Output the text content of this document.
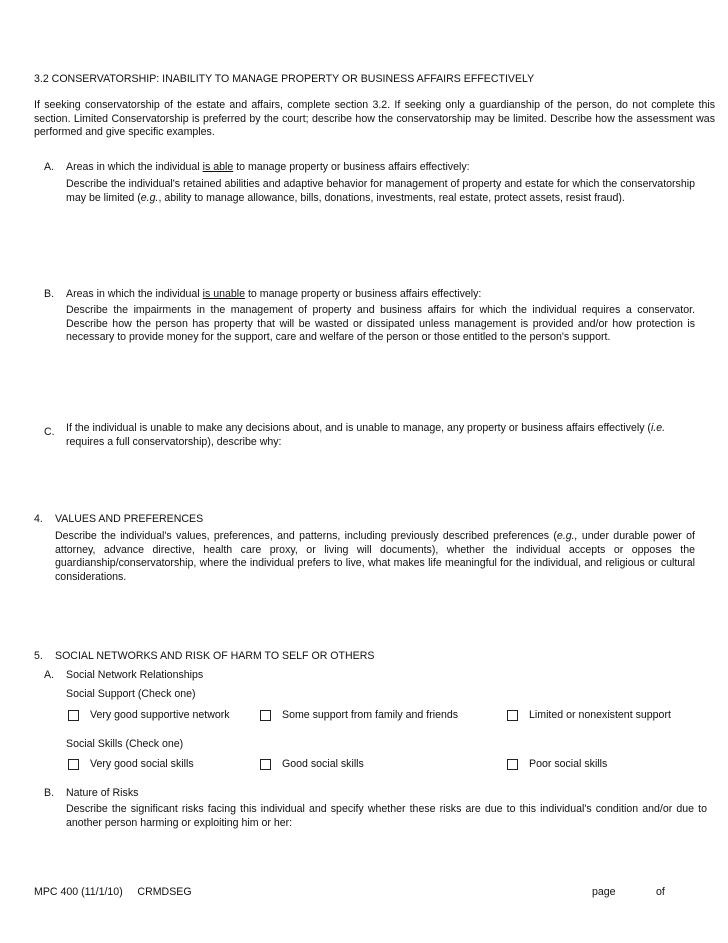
3.2 CONSERVATORSHIP: INABILITY TO MANAGE PROPERTY OR BUSINESS AFFAIRS EFFECTIVELY
If seeking conservatorship of the estate and affairs, complete section 3.2. If seeking only a guardianship of the person, do not complete this section. Limited Conservatorship is preferred by the court; describe how the conservatorship may be limited. Describe how the assessment was performed and give specific examples.
A. Areas in which the individual is able to manage property or business affairs effectively:
Describe the individual's retained abilities and adaptive behavior for management of property and estate for which the conservatorship may be limited (e.g., ability to manage allowance, bills, donations, investments, real estate, protect assets, resist fraud).
B. Areas in which the individual is unable to manage property or business affairs effectively:
Describe the impairments in the management of property and business affairs for which the individual requires a conservator. Describe how the person has property that will be wasted or dissipated unless management is provided and/or how protection is necessary to provide money for the support, care and welfare of the person or those entitled to the person's support.
C. If the individual is unable to make any decisions about, and is unable to manage, any property or business affairs effectively (i.e. requires a full conservatorship), describe why:
4. VALUES AND PREFERENCES
Describe the individual's values, preferences, and patterns, including previously described preferences (e.g., under durable power of attorney, advance directive, health care proxy, or living will documents), whether the individual accepts or opposes the guardianship/conservatorship, where the individual prefers to live, what makes life meaningful for the individual, and religious or cultural considerations.
5. SOCIAL NETWORKS AND RISK OF HARM TO SELF OR OTHERS
A. Social Network Relationships
Social Support (Check one)
Very good supportive network	Some support from family and friends	Limited or nonexistent support
Social Skills (Check one)
Very good social skills	Good social skills	Poor social skills
B. Nature of Risks
Describe the significant risks facing this individual and specify whether these risks are due to this individual's condition and/or due to another person harming or exploiting him or her:
MPC 400 (11/1/10)     CRMDSEG	page	of
